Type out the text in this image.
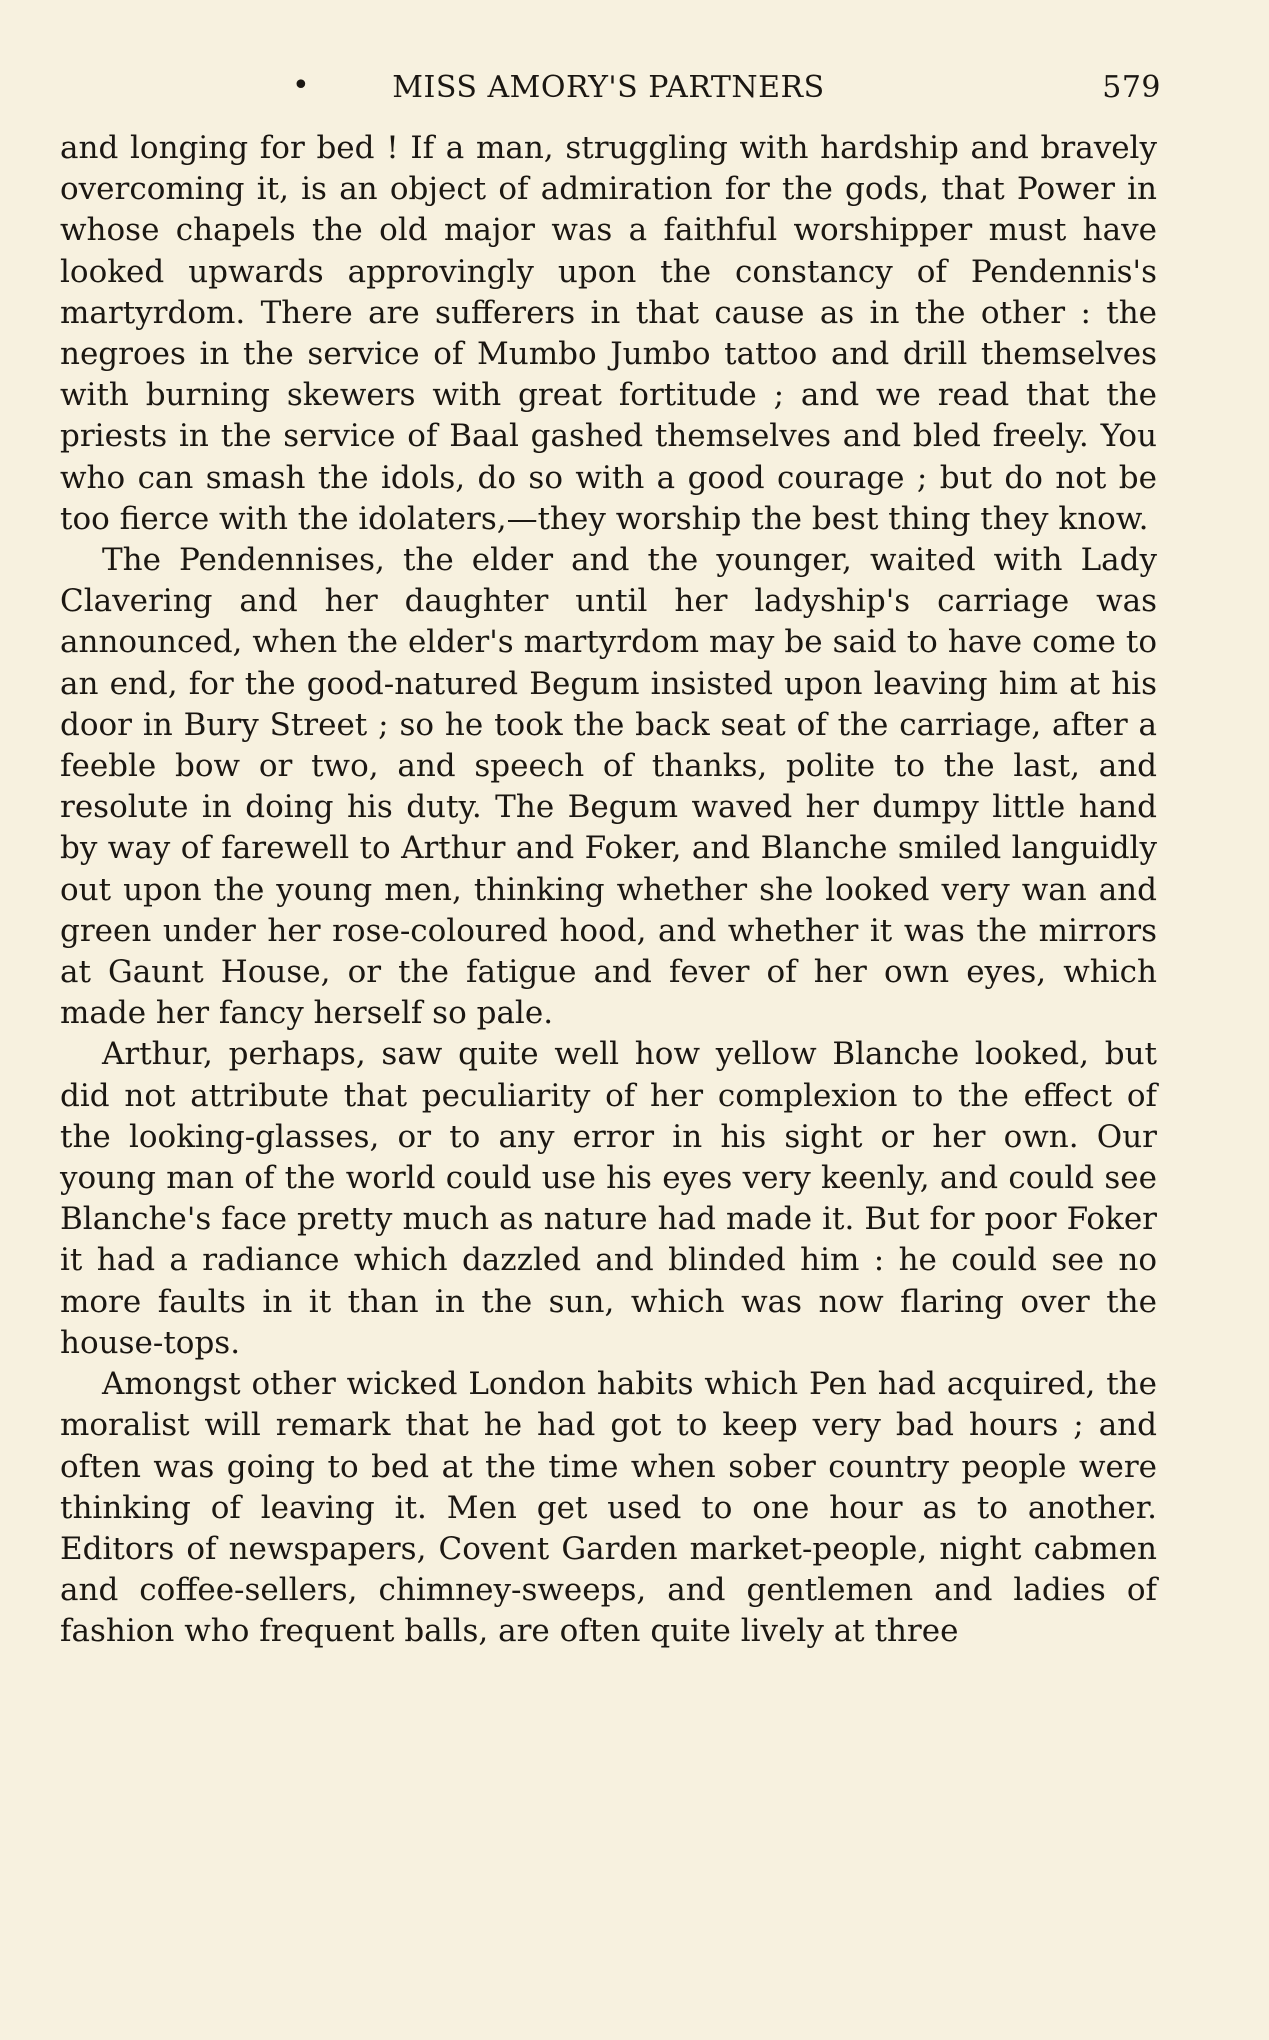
•	MISS AMORY'S PARTNERS	579

and longing for bed ! If a man, struggling with hardship and bravely overcoming it, is an object of admiration for the gods, that Power in whose chapels the old major was a faithful worshipper must have looked upwards approvingly upon the constancy of Pendennis's martyrdom. There are sufferers in that cause as in the other : the negroes in the service of Mumbo Jumbo tattoo and drill themselves with burning skewers with great fortitude ; and we read that the priests in the service of Baal gashed themselves and bled freely. You who can smash the idols, do so with a good courage ; but do not be too fierce with the idolaters,—they worship the best thing they know.

The Pendennises, the elder and the younger, waited with Lady Clavering and her daughter until her ladyship's carriage was announced, when the elder's martyrdom may be said to have come to an end, for the good-natured Begum insisted upon leaving him at his door in Bury Street ; so he took the back seat of the carriage, after a feeble bow or two, and speech of thanks, polite to the last, and resolute in doing his duty. The Begum waved her dumpy little hand by way of farewell to Arthur and Foker, and Blanche smiled languidly out upon the young men, thinking whether she looked very wan and green under her rose-coloured hood, and whether it was the mirrors at Gaunt House, or the fatigue and fever of her own eyes, which made her fancy herself so pale.

Arthur, perhaps, saw quite well how yellow Blanche looked, but did not attribute that peculiarity of her complexion to the effect of the looking-glasses, or to any error in his sight or her own. Our young man of the world could use his eyes very keenly, and could see Blanche's face pretty much as nature had made it. But for poor Foker it had a radiance which dazzled and blinded him : he could see no more faults in it than in the sun, which was now flaring over the house-tops.

Amongst other wicked London habits which Pen had acquired, the moralist will remark that he had got to keep very bad hours ; and often was going to bed at the time when sober country people were thinking of leaving it. Men get used to one hour as to another. Editors of newspapers, Covent Garden market-people, night cabmen and coffee-sellers, chimney-sweeps, and gentlemen and ladies of fashion who frequent balls, are often quite lively at three
